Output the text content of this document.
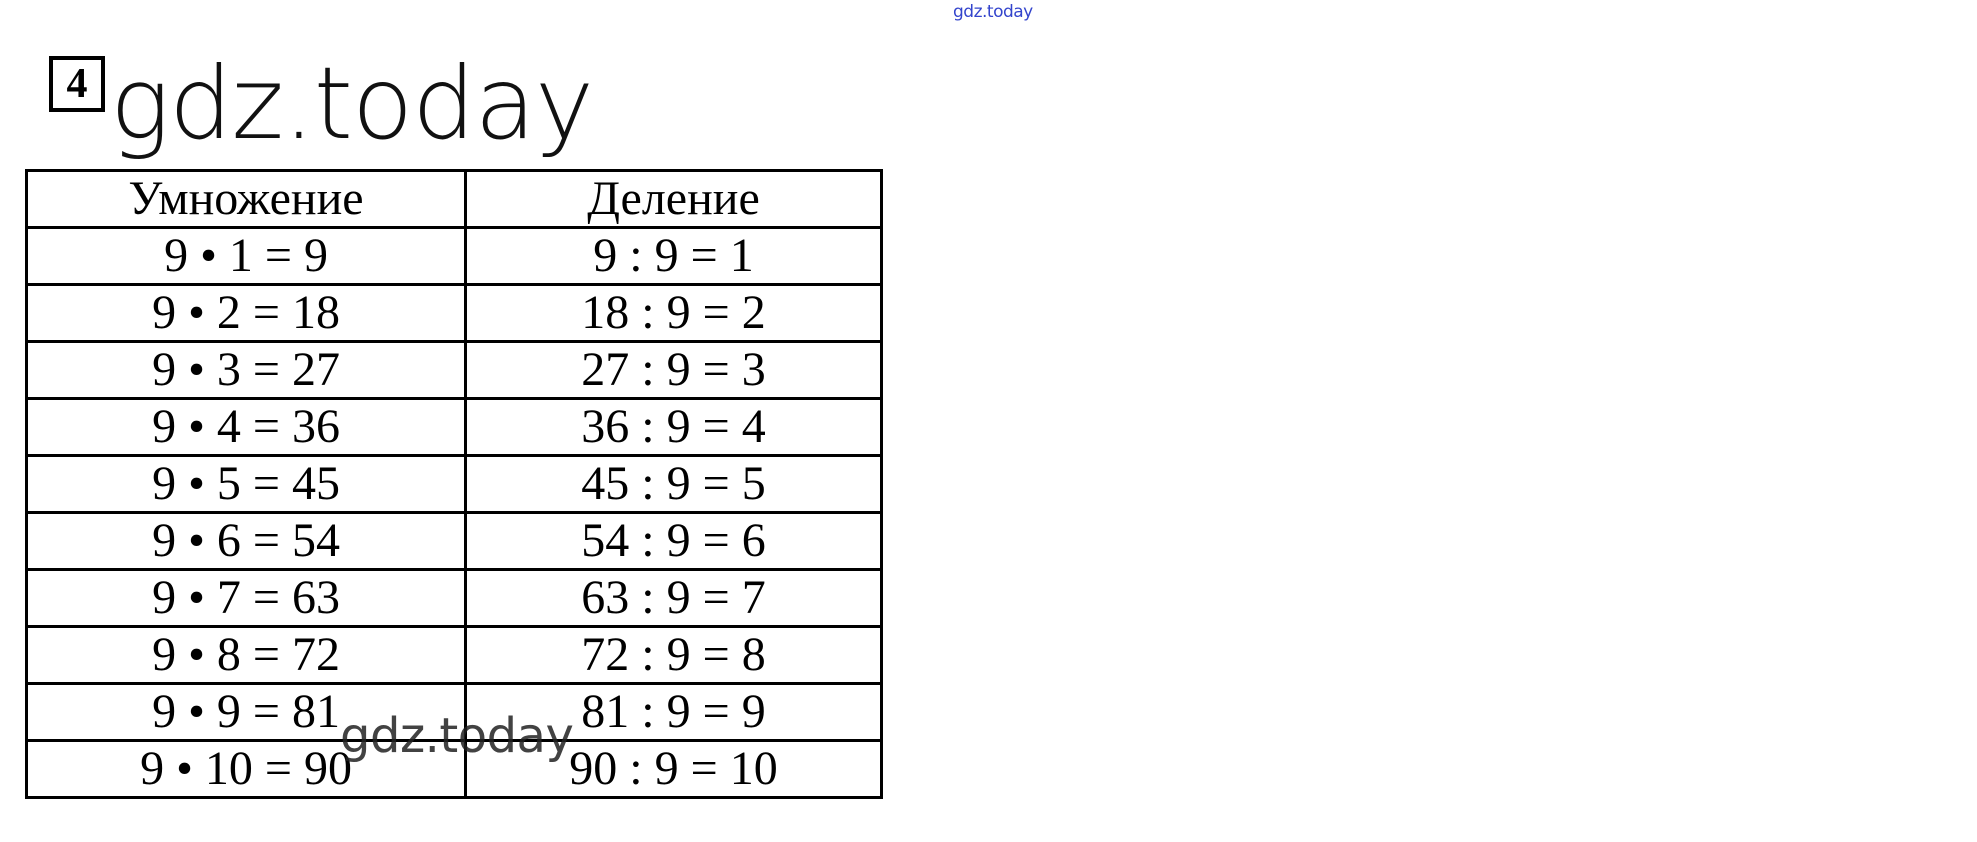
gdz.today
4 gdz.today
Умножение	Деление
9 • 1 = 9	9 : 9 = 1
9 • 2 = 18	18 : 9 = 2
9 • 3 = 27	27 : 9 = 3
9 • 4 = 36	36 : 9 = 4
9 • 5 = 45	45 : 9 = 5
9 • 6 = 54	54 : 9 = 6
9 • 7 = 63	63 : 9 = 7
9 • 8 = 72	72 : 9 = 8
9 • 9 = 81	81 : 9 = 9
9 • 10 = 90	90 : 9 = 10
gdz.today
